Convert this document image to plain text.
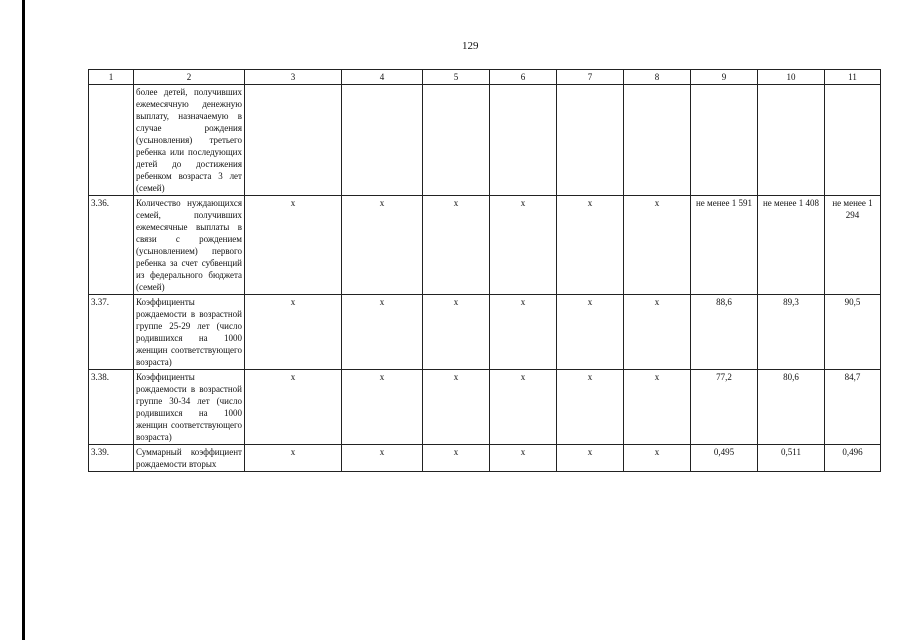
129
1	2	3	4	5	6	7	8	9	10	11
	более детей, получивших ежемесячную денежную выплату, назначаемую в случае рождения (усыновления) третьего ребенка или последующих детей до достижения ребенком возраста 3 лет (семей)									
3.36.	Количество нуждающихся семей, получивших ежемесячные выплаты в связи с рождением (усыновлением) первого ребенка за счет субвенций из федерального бюджета (семей)	x	x	x	x	x	x	не менее 1 591	не менее 1 408	не менее 1 294
3.37.	Коэффициенты рождаемости в возрастной группе 25-29 лет (число родившихся на 1000 женщин соответствующего возраста)	x	x	x	x	x	x	88,6	89,3	90,5
3.38.	Коэффициенты рождаемости в возрастной группе 30-34 лет (число родившихся на 1000 женщин соответствующего возраста)	x	x	x	x	x	x	77,2	80,6	84,7
3.39.	Суммарный коэффициент рождаемости вторых	x	x	x	x	x	x	0,495	0,511	0,496
